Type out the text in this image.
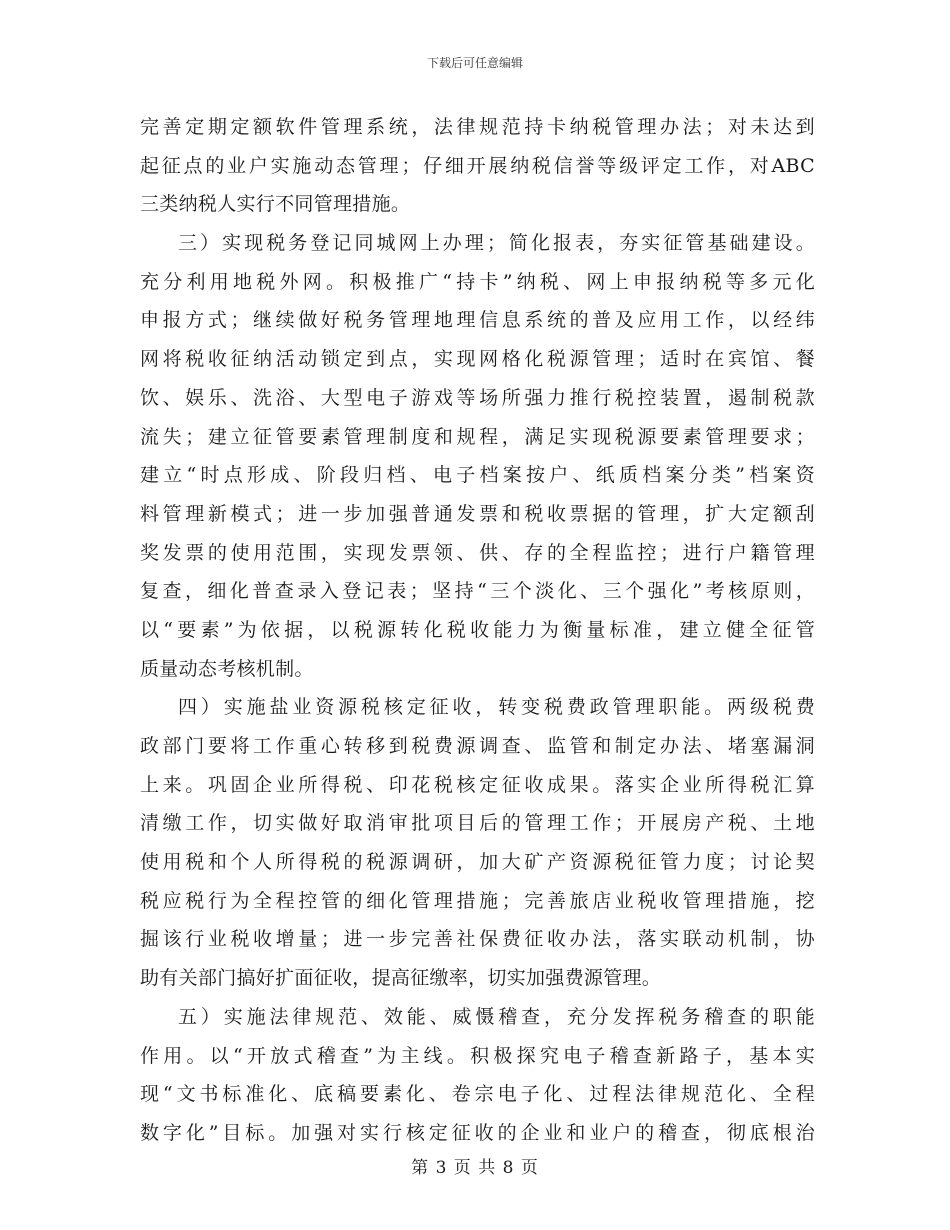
下载后可任意编辑
完善定期定额软件管理系统，法律规范持卡纳税管理办法；对未达到
起征点的业户实施动态管理；仔细开展纳税信誉等级评定工作，对ABC
三类纳税人实行不同管理措施。
三）实现税务登记同城网上办理；简化报表，夯实征管基础建设。
充分利用地税外网。积极推广“持卡”纳税、网上申报纳税等多元化
申报方式；继续做好税务管理地理信息系统的普及应用工作，以经纬
网将税收征纳活动锁定到点，实现网格化税源管理；适时在宾馆、餐
饮、娱乐、洗浴、大型电子游戏等场所强力推行税控装置，遏制税款
流失；建立征管要素管理制度和规程，满足实现税源要素管理要求；
建立“时点形成、阶段归档、电子档案按户、纸质档案分类”档案资
料管理新模式；进一步加强普通发票和税收票据的管理，扩大定额刮
奖发票的使用范围，实现发票领、供、存的全程监控；进行户籍管理
复查，细化普查录入登记表；坚持“三个淡化、三个强化”考核原则，
以“要素”为依据，以税源转化税收能力为衡量标准，建立健全征管
质量动态考核机制。
四）实施盐业资源税核定征收，转变税费政管理职能。两级税费
政部门要将工作重心转移到税费源调查、监管和制定办法、堵塞漏洞
上来。巩固企业所得税、印花税核定征收成果。落实企业所得税汇算
清缴工作，切实做好取消审批项目后的管理工作；开展房产税、土地
使用税和个人所得税的税源调研，加大矿产资源税征管力度；讨论契
税应税行为全程控管的细化管理措施；完善旅店业税收管理措施，挖
掘该行业税收增量；进一步完善社保费征收办法，落实联动机制，协
助有关部门搞好扩面征收，提高征缴率，切实加强费源管理。
五）实施法律规范、效能、威慑稽查，充分发挥税务稽查的职能
作用。以“开放式稽查”为主线。积极探究电子稽查新路子，基本实
现“文书标准化、底稿要素化、卷宗电子化、过程法律规范化、全程
数字化”目标。加强对实行核定征收的企业和业户的稽查，彻底根治
第 3 页 共 8 页
